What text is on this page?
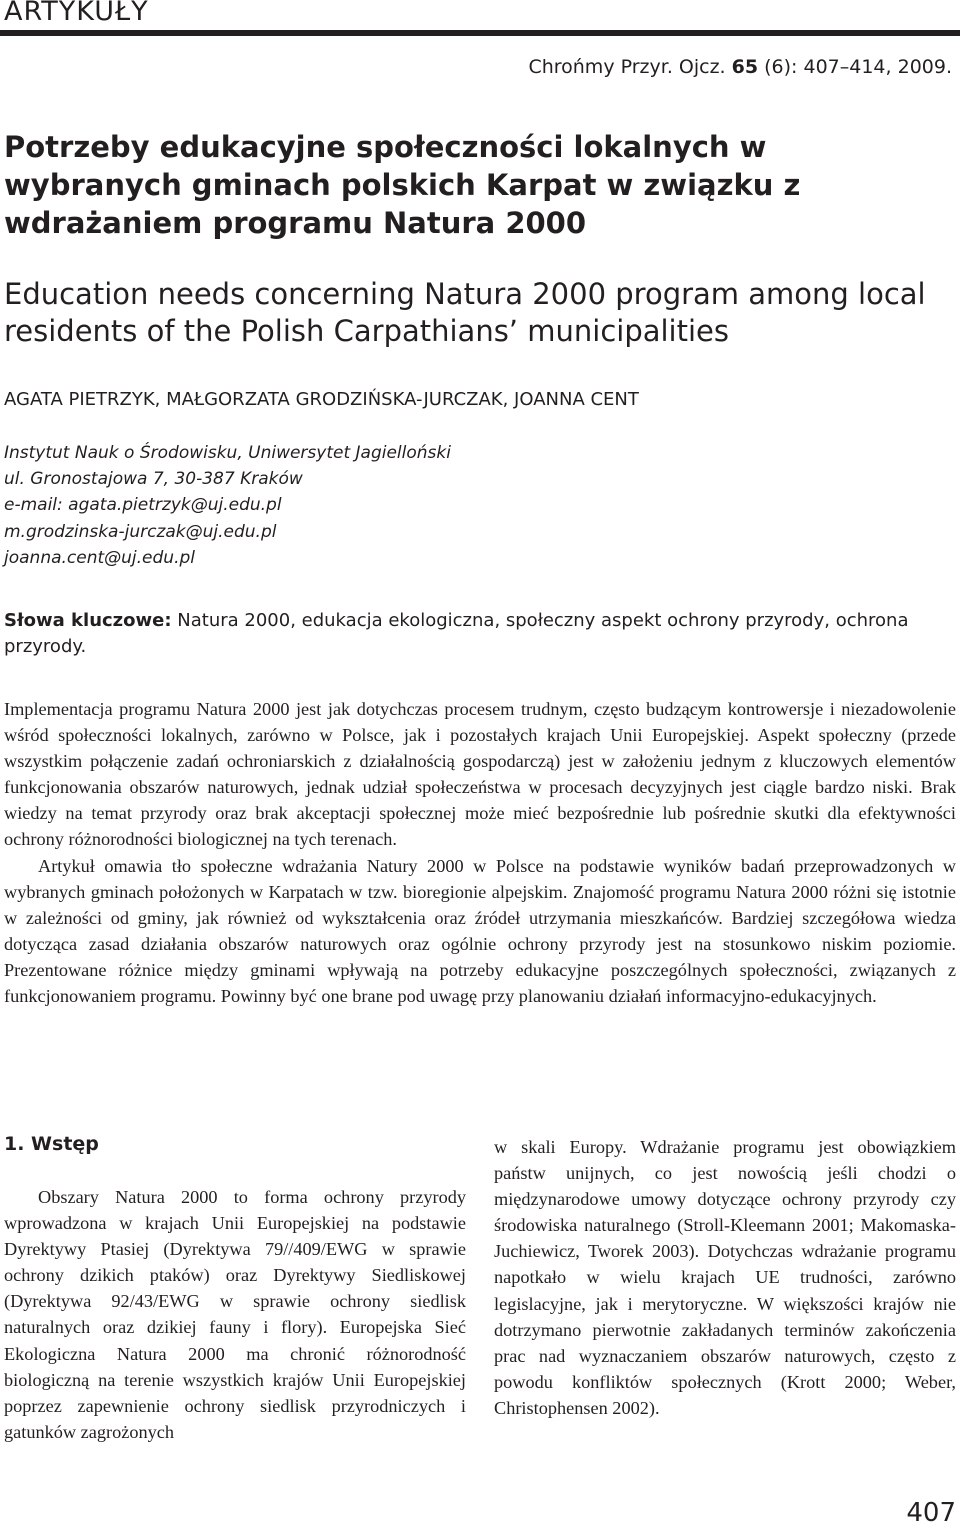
ARTYKUŁY
Chrońmy Przyr. Ojcz. 65 (6): 407–414, 2009.
Potrzeby edukacyjne społeczności lokalnych w wybranych gminach polskich Karpat w związku z wdrażaniem programu Natura 2000
Education needs concerning Natura 2000 program among local residents of the Polish Carpathians’ municipalities
AGATA PIETRZYK, MAŁGORZATA GRODZIŃSKA-JURCZAK, JOANNA CENT
Instytut Nauk o Środowisku, Uniwersytet Jagielloński
ul. Gronostajowa 7, 30-387 Kraków
e-mail: agata.pietrzyk@uj.edu.pl
m.grodzinska-jurczak@uj.edu.pl
joanna.cent@uj.edu.pl
Słowa kluczowe: Natura 2000, edukacja ekologiczna, społeczny aspekt ochrony przyrody, ochrona przyrody.

Implementacja programu Natura 2000 jest jak dotychczas procesem trudnym, często budzącym kontrowersje i niezadowolenie wśród społeczności lokalnych, zarówno w Polsce, jak i pozostałych krajach Unii Europejskiej. Aspekt społeczny (przede wszystkim połączenie zadań ochroniarskich z działalnością gospodarczą) jest w założeniu jednym z kluczowych elementów funkcjonowania obszarów naturowych, jednak udział społeczeństwa w procesach decyzyjnych jest ciągle bardzo niski. Brak wiedzy na temat przyrody oraz brak akceptacji społecznej może mieć bezpośrednie lub pośrednie skutki dla efektywności ochrony różnorodności biologicznej na tych terenach.

Artykuł omawia tło społeczne wdrażania Natury 2000 w Polsce na podstawie wyników badań przeprowadzonych w wybranych gminach położonych w Karpatach w tzw. bioregionie alpejskim. Znajomość programu Natura 2000 różni się istotnie w zależności od gminy, jak również od wykształcenia oraz źródeł utrzymania mieszkańców. Bardziej szczegółowa wiedza dotycząca zasad działania obszarów naturowych oraz ogólnie ochrony przyrody jest na stosunkowo niskim poziomie. Prezentowane różnice między gminami wpływają na potrzeby edukacyjne poszczególnych społeczności, związanych z funkcjonowaniem programu. Powinny być one brane pod uwagę przy planowaniu działań informacyjno-edukacyjnych.

1. Wstęp

Obszary Natura 2000 to forma ochrony przyrody wprowadzona w krajach Unii Europejskiej na podstawie Dyrektywy Ptasiej (Dyrektywa 79//409/EWG w sprawie ochrony dzikich ptaków) oraz Dyrektywy Siedliskowej (Dyrektywa 92/43/EWG w sprawie ochrony siedlisk naturalnych oraz dzikiej fauny i flory). Europejska Sieć Ekologiczna Natura 2000 ma chronić różnorodność biologiczną na terenie wszystkich krajów Unii Europejskiej poprzez zapewnienie ochrony siedlisk przyrodniczych i gatunków zagrożonych

w skali Europy. Wdrażanie programu jest obowiązkiem państw unijnych, co jest nowością jeśli chodzi o międzynarodowe umowy dotyczące ochrony przyrody czy środowiska naturalnego (Stroll-Kleemann 2001; Makomaska-Juchiewicz, Tworek 2003). Dotychczas wdrażanie programu napotkało w wielu krajach UE trudności, zarówno legislacyjne, jak i merytoryczne. W większości krajów nie dotrzymano pierwotnie zakładanych terminów zakończenia prac nad wyznaczaniem obszarów naturowych, często z powodu konfliktów społecznych (Krott 2000; Weber, Christophensen 2002).

407
